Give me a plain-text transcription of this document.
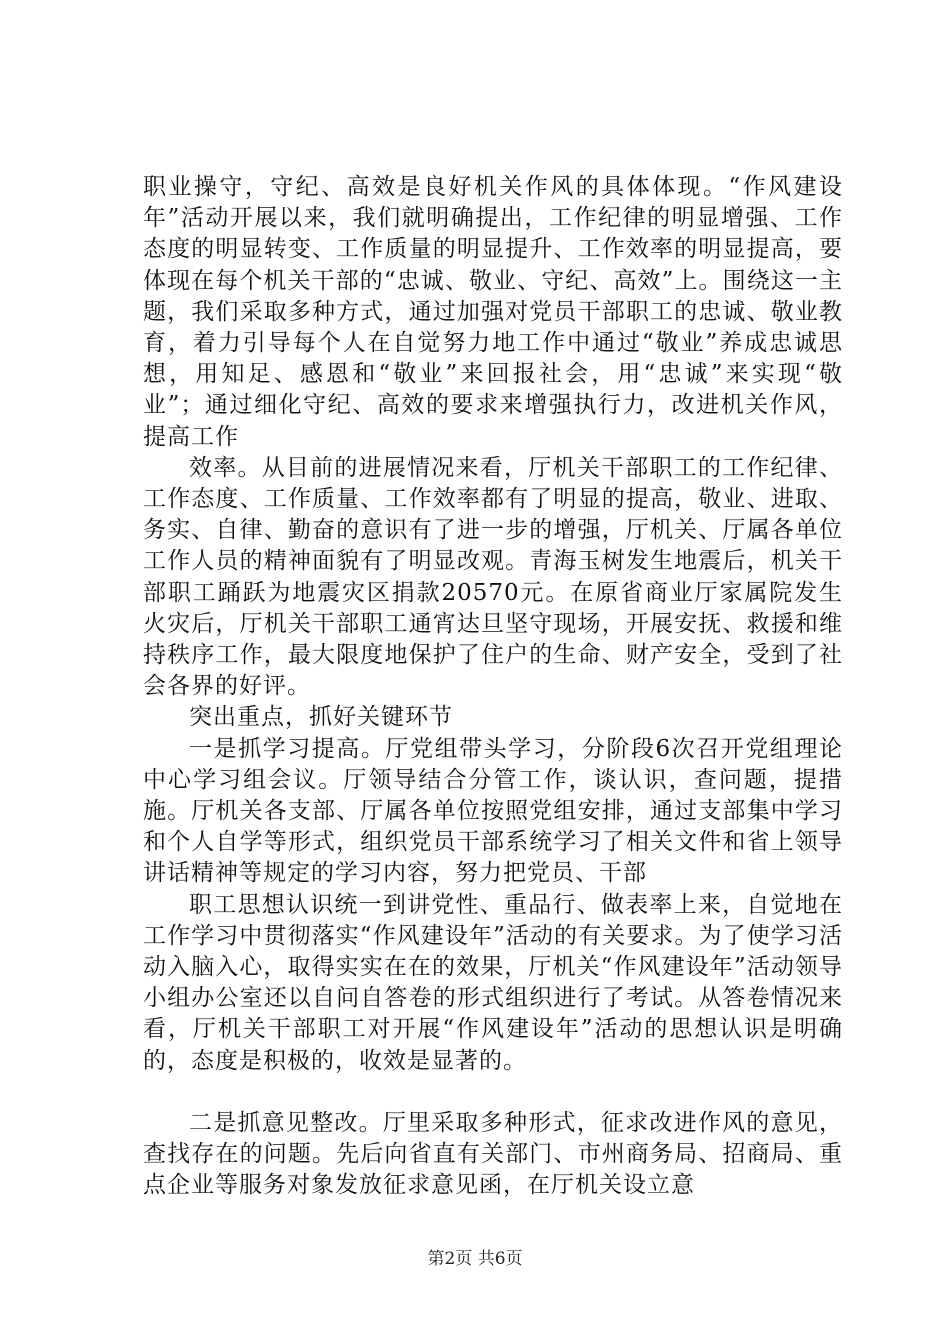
职业操守，守纪、高效是良好机关作风的具体体现。“作风建设年”活动开展以来，我们就明确提出，工作纪律的明显增强、工作态度的明显转变、工作质量的明显提升、工作效率的明显提高，要体现在每个机关干部的“忠诚、敬业、守纪、高效”上。围绕这一主题，我们采取多种方式，通过加强对党员干部职工的忠诚、敬业教育，着力引导每个人在自觉努力地工作中通过“敬业”养成忠诚思想，用知足、感恩和“敬业”来回报社会，用“忠诚”来实现“敬业”；通过细化守纪、高效的要求来增强执行力，改进机关作风，提高工作

效率。从目前的进展情况来看，厅机关干部职工的工作纪律、工作态度、工作质量、工作效率都有了明显的提高，敬业、进取、务实、自律、勤奋的意识有了进一步的增强，厅机关、厅属各单位工作人员的精神面貌有了明显改观。青海玉树发生地震后，机关干部职工踊跃为地震灾区捐款20570元。在原省商业厅家属院发生火灾后，厅机关干部职工通宵达旦坚守现场，开展安抚、救援和维持秩序工作，最大限度地保护了住户的生命、财产安全，受到了社会各界的好评。

突出重点，抓好关键环节

一是抓学习提高。厅党组带头学习，分阶段6次召开党组理论中心学习组会议。厅领导结合分管工作，谈认识，查问题，提措施。厅机关各支部、厅属各单位按照党组安排，通过支部集中学习和个人自学等形式，组织党员干部系统学习了相关文件和省上领导讲话精神等规定的学习内容，努力把党员、干部

职工思想认识统一到讲党性、重品行、做表率上来，自觉地在工作学习中贯彻落实“作风建设年”活动的有关要求。为了使学习活动入脑入心，取得实实在在的效果，厅机关“作风建设年”活动领导小组办公室还以自问自答卷的形式组织进行了考试。从答卷情况来看，厅机关干部职工对开展“作风建设年”活动的思想认识是明确的，态度是积极的，收效是显著的。

二是抓意见整改。厅里采取多种形式，征求改进作风的意见，查找存在的问题。先后向省直有关部门、市州商务局、招商局、重点企业等服务对象发放征求意见函，在厅机关设立意

第2页 共6页
